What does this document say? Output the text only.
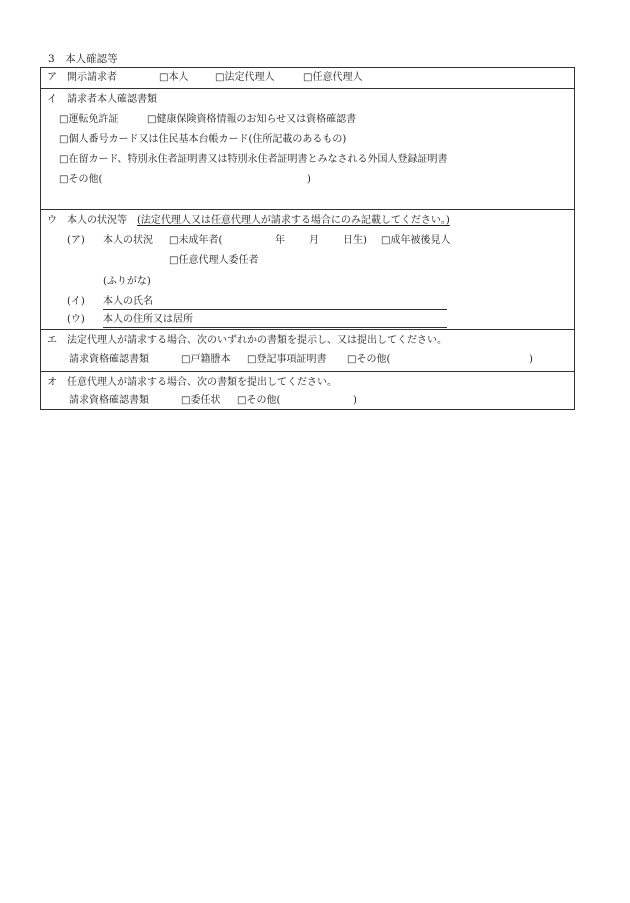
3　本人確認等
ア　開示請求者	□本人	□法定代理人	□任意代理人
イ　請求者本人確認書類
□運転免許証	□健康保険資格情報のお知らせ又は資格確認書
□個人番号カード又は住民基本台帳カード(住所記載のあるもの)
□在留カード、特別永住者証明書又は特別永住者証明書とみなされる外国人登録証明書
□その他(	)
ウ　本人の状況等 (法定代理人又は任意代理人が請求する場合にのみ記載してください。)
(ア) 本人の状況 □未成年者(	年 月 日生) □成年被後見人
□任意代理人委任者
(ふりがな)
(イ) 本人の氏名
(ウ) 本人の住所又は居所
エ　法定代理人が請求する場合、次のいずれかの書類を提示し、又は提出してください。
請求資格確認書類	□戸籍謄本 □登記事項証明書 □その他(	)
オ　任意代理人が請求する場合、次の書類を提出してください。
請求資格確認書類	□委任状 □その他(	)
